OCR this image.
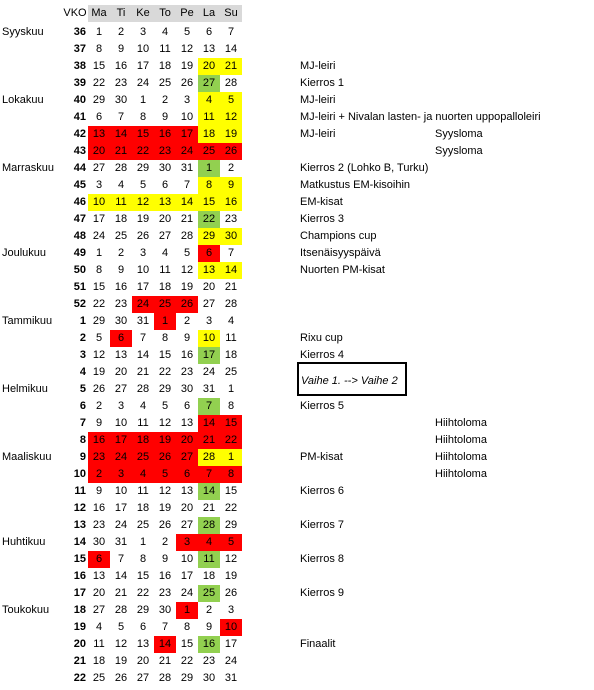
VKO Ma Ti Ke To Pe La Su
Syyskuu	36 1	2	3	4	5	6	7
37 8	9	10 11 12 13 14
38 15 16 17 18 19 20 21	MJ-leiri
39 22 23 24 25 26 27 28	Kierros 1
Lokakuu	40 29 30	1	2	3	4	5	MJ-leiri
41 6	7	8	9	10 11 12	MJ-leiri + Nivalan lasten- ja nuorten uppopalloleiri
42 13 14 15 16 17 18 19	MJ-leiri	Syysloma
43 20 21 22 23 24 25 26	Syysloma
Marraskuu	44 27 28 29 30 31	1	2	Kierros 2 (Lohko B, Turku)
45 3	4	5	6	7	8	9	Matkustus EM-kisoihin
46 10 11 12 13 14 15 16	EM-kisat
47 17 18 19 20 21 22 23	Kierros 3
48 24 25 26 27 28 29 30	Champions cup
Joulukuu	49 1	2	3	4	5	6	7	Itsenäisyyspäivä
50 8	9	10 11 12 13 14	Nuorten PM-kisat
51 15 16 17 18 19 20 21
52 22 23 24 25 26 27 28
Tammikuu	1 29 30 31	1	2	3	4
2 5	6	7	8	9	10 11	Rixu cup
3 12 13 14 15 16 17 18	Kierros 4
4 19 20 21 22 23 24 25
Helmikuu	5 26 27 28 29 30 31	1
6 2	3	4	5	6	7	8	Kierros 5
7 9	10 11 12 13 14 15	Hiihtoloma
8 16 17 18 19 20 21 22	Hiihtoloma
Maaliskuu	9 23 24 25 26 27 28	1	PM-kisat	Hiihtoloma
10 2	3	4	5	6	7	8	Hiihtoloma
11 9	10 11 12 13 14 15	Kierros 6
12 16 17 18 19 20 21 22
13 23 24 25 26 27 28 29	Kierros 7
Huhtikuu	14 30 31	1	2	3	4	5
15 6	7	8	9	10 11 12	Kierros 8
16 13 14 15 16 17 18 19
17 20 21 22 23 24 25 26	Kierros 9
Toukokuu	18 27 28 29 30	1	2	3
19 4	5	6	7	8	9	10
20 11 12 13 14 15 16 17	Finaalit
21 18 19 20 21 22 23 24
22 25 26 27 28 29 30 31
Vaihe 1. --> Vaihe 2
